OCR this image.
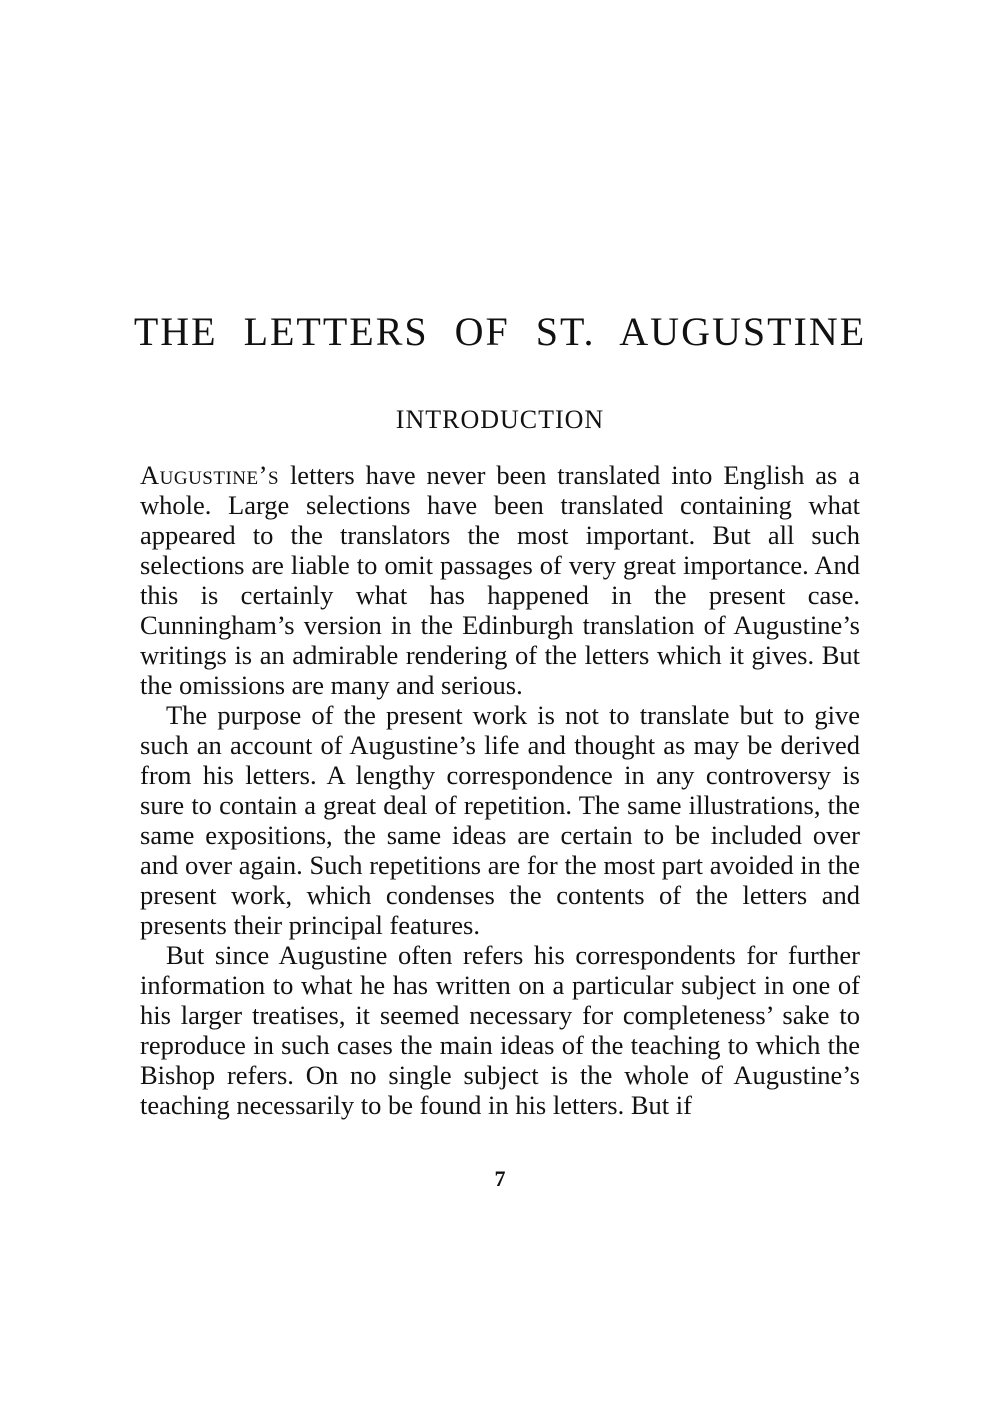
THE LETTERS OF ST. AUGUSTINE
INTRODUCTION

Augustine’s letters have never been translated into English as a whole. Large selections have been translated containing what appeared to the translators the most important. But all such selections are liable to omit passages of very great importance. And this is certainly what has happened in the present case. Cunningham’s version in the Edinburgh translation of Augustine’s writings is an admirable rendering of the letters which it gives. But the omissions are many and serious.

The purpose of the present work is not to translate but to give such an account of Augustine’s life and thought as may be derived from his letters. A lengthy correspondence in any controversy is sure to contain a great deal of repetition. The same illustrations, the same expositions, the same ideas are certain to be included over and over again. Such repetitions are for the most part avoided in the present work, which condenses the contents of the letters and presents their principal features.

But since Augustine often refers his correspondents for further information to what he has written on a particular subject in one of his larger treatises, it seemed necessary for completeness’ sake to reproduce in such cases the main ideas of the teaching to which the Bishop refers. On no single subject is the whole of Augustine’s teaching necessarily to be found in his letters. But if

7
